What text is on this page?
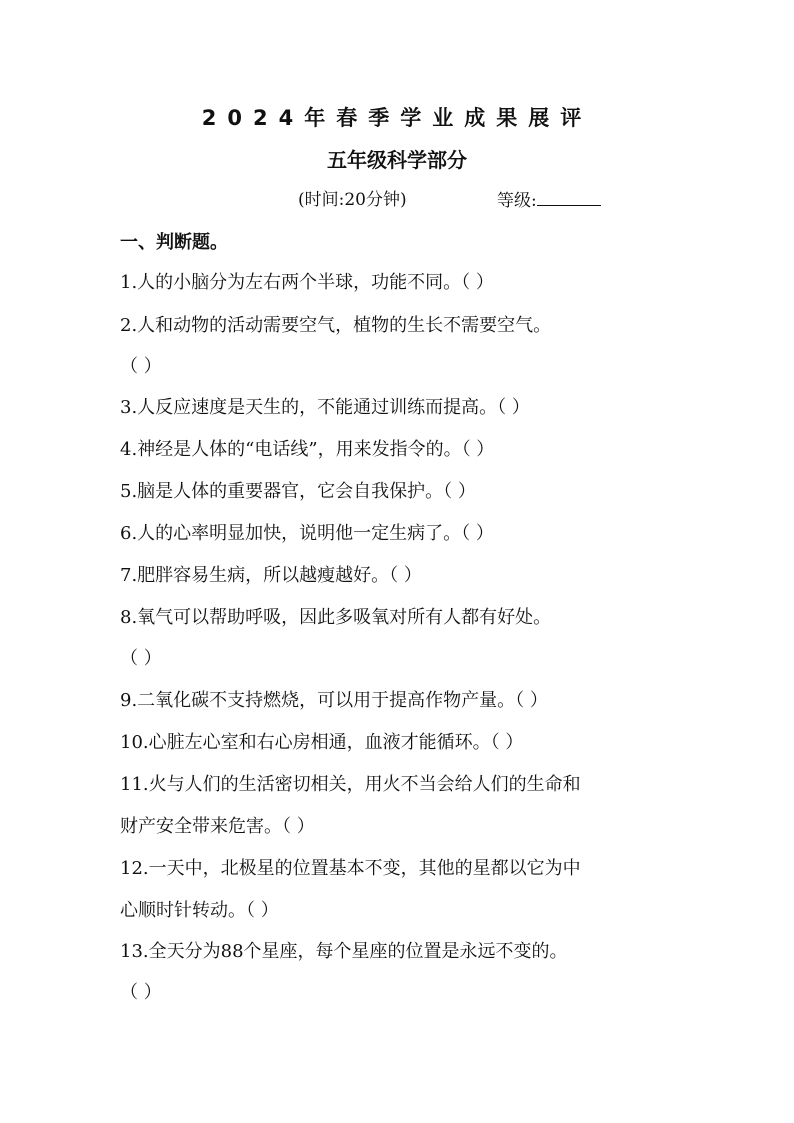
2024年春季学业成果展评
五年级科学部分
(时间:20分钟)	等级:
一、判断题。
1.人的小脑分为左右两个半球，功能不同。（ ）
2.人和动物的活动需要空气，植物的生长不需要空气。
（ ）
3.人反应速度是天生的，不能通过训练而提高。（ ）
4.神经是人体的“电话线”，用来发指令的。（ ）
5.脑是人体的重要器官，它会自我保护。（ ）
6.人的心率明显加快，说明他一定生病了。（ ）
7.肥胖容易生病，所以越瘦越好。（ ）
8.氧气可以帮助呼吸，因此多吸氧对所有人都有好处。
（ ）
9.二氧化碳不支持燃烧，可以用于提高作物产量。（ ）
10.心脏左心室和右心房相通，血液才能循环。（ ）
11.火与人们的生活密切相关，用火不当会给人们的生命和
财产安全带来危害。（ ）
12.一天中，北极星的位置基本不变，其他的星都以它为中
心顺时针转动。（ ）
13.全天分为88个星座，每个星座的位置是永远不变的。
（ ）
